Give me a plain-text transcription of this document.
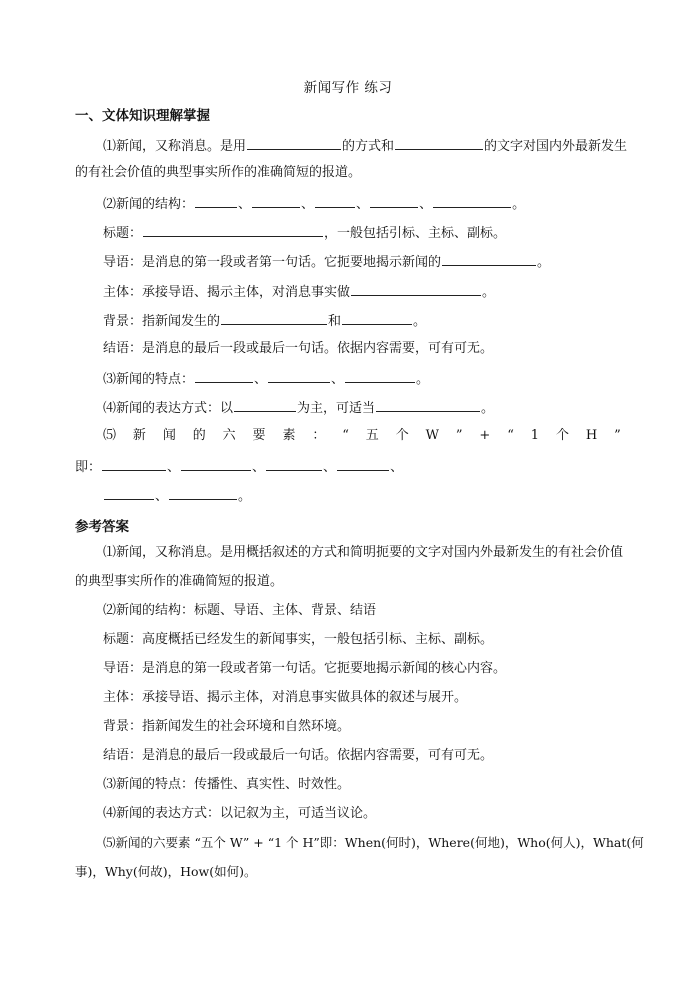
新闻写作 练习
一、文体知识理解掌握
⑴新闻，又称消息。是用	的方式和	的文字对国内外最新发生
的有社会价值的典型事实所作的准确简短的报道。
⑵新闻的结构：	、	、	、	、	。
标题：	，一般包括引标、主标、副标。
导语：是消息的第一段或者第一句话。它扼要地揭示新闻的	。
主体：承接导语、揭示主体，对消息事实做	。
背景：指新闻发生的	和	。
结语：是消息的最后一段或最后一句话。依据内容需要，可有可无。
⑶新闻的特点：	、	、	。
⑷新闻的表达方式：以	为主，可适当	。
⑸ 新 闻 的 六 要 素 ： “ 五 个 W ” + “ 1 个 H ”
即：	、	、	、	、
、	。
参考答案
⑴新闻，又称消息。是用概括叙述的方式和简明扼要的文字对国内外最新发生的有社会价值
的典型事实所作的准确简短的报道。
⑵新闻的结构：标题、导语、主体、背景、结语
标题：高度概括已经发生的新闻事实，一般包括引标、主标、副标。
导语：是消息的第一段或者第一句话。它扼要地揭示新闻的核心内容。
主体：承接导语、揭示主体，对消息事实做具体的叙述与展开。
背景：指新闻发生的社会环境和自然环境。
结语：是消息的最后一段或最后一句话。依据内容需要，可有可无。
⑶新闻的特点：传播性、真实性、时效性。
⑷新闻的表达方式：以记叙为主，可适当议论。
⑸新闻的六要素 “五个 W” + “1 个 H”即：When(何时)，Where(何地)，Who(何人)，What(何
事)，Why(何故)，How(如何)。
